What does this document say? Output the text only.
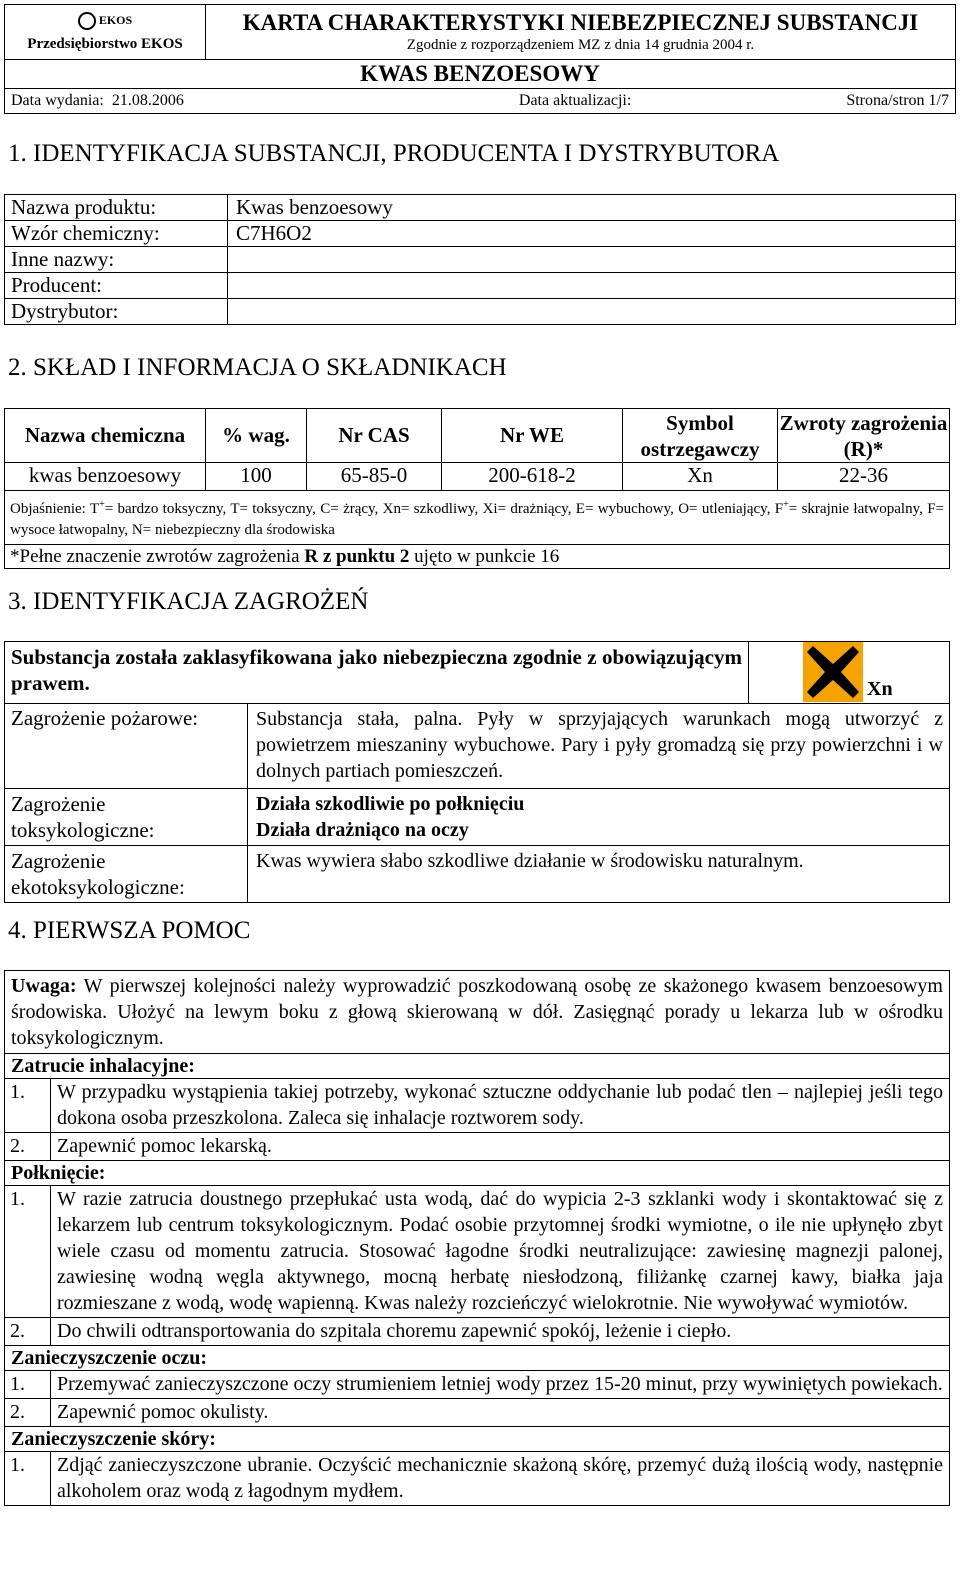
EKOS
Przedsiębiorstwo EKOS

KARTA CHARAKTERYSTYKI NIEBEZPIECZNEJ SUBSTANCJI
Zgodnie z rozporządzeniem MZ z dnia 14 grudnia 2004 r.

KWAS BENZOESOWY

Data wydania: 21.08.2006	Data aktualizacji:	Strona/stron 1/7
1. IDENTYFIKACJA SUBSTANCJI, PRODUCENTA I DYSTRYBUTORA
Nazwa produktu:	Kwas benzoesowy
Wzór chemiczny:	C7H6O2
Inne nazwy:	
Producent:	
Dystrybutor:	
2. SKŁAD I INFORMACJA O SKŁADNIKACH
Nazwa chemiczna	% wag.	Nr CAS	Nr WE	Symbol ostrzegawczy	Zwroty zagrożenia (R)*
kwas benzoesowy	100	65-85-0	200-618-2	Xn	22-36
Objaśnienie: T+= bardzo toksyczny, T= toksyczny, C= żrący, Xn= szkodliwy, Xi= drażniący, E= wybuchowy, O= utleniający, F+= skrajnie łatwopalny, F= wysoce łatwopalny, N= niebezpieczny dla środowiska					
*Pełne znaczenie zwrotów zagrożenia R z punktu 2 ujęto w punkcie 16					
3. IDENTYFIKACJA ZAGROŻEŃ
Substancja została zaklasyfikowana jako niebezpieczna zgodnie z obowiązującym prawem.		Xn

Zagrożenie pożarowe:	Substancja stała, palna. Pyły w sprzyjających warunkach mogą utworzyć z powietrzem mieszaniny wybuchowe. Pary i pyły gromadzą się przy powierzchni i w dolnych partiach pomieszczeń.	
Zagrożenie toksykologiczne:	Działa szkodliwie po połknięciu
Działa drażniąco na oczy	

Zagrożenie ekotoksykologiczne:	Kwas wywiera słabo szkodliwe działanie w środowisku naturalnym.	
4. PIERWSZA POMOC
Uwaga: W pierwszej kolejności należy wyprowadzić poszkodowaną osobę ze skażonego kwasem benzoesowym środowiska. Ułożyć na lewym boku z głową skierowaną w dół. Zasięgnąć porady u lekarza lub w ośrodku toksykologicznym.	
Zatrucie inhalacyjne:	
1.	W przypadku wystąpienia takiej potrzeby, wykonać sztuczne oddychanie lub podać tlen – najlepiej jeśli tego dokona osoba przeszkolona. Zaleca się inhalacje roztworem sody.
2.	Zapewnić pomoc lekarską.
Połknięcie:	
1.	W razie zatrucia doustnego przepłukać usta wodą, dać do wypicia 2-3 szklanki wody i skontaktować się z lekarzem lub centrum toksykologicznym. Podać osobie przytomnej środki wymiotne, o ile nie upłynęło zbyt wiele czasu od momentu zatrucia. Stosować łagodne środki neutralizujące: zawiesinę magnezji palonej, zawiesinę wodną węgla aktywnego, mocną herbatę niesłodzoną, filiżankę czarnej kawy, białka jaja rozmieszane z wodą, wodę wapienną. Kwas należy rozcieńczyć wielokrotnie. Nie wywoływać wymiotów.
2.	Do chwili odtransportowania do szpitala choremu zapewnić spokój, leżenie i ciepło.
Zanieczyszczenie oczu:	
1.	Przemywać zanieczyszczone oczy strumieniem letniej wody przez 15-20 minut, przy wywiniętych powiekach.
2.	Zapewnić pomoc okulisty.
Zanieczyszczenie skóry:	
1.	Zdjąć zanieczyszczone ubranie. Oczyścić mechanicznie skażoną skórę, przemyć dużą ilością wody, następnie alkoholem oraz wodą z łagodnym mydłem.
